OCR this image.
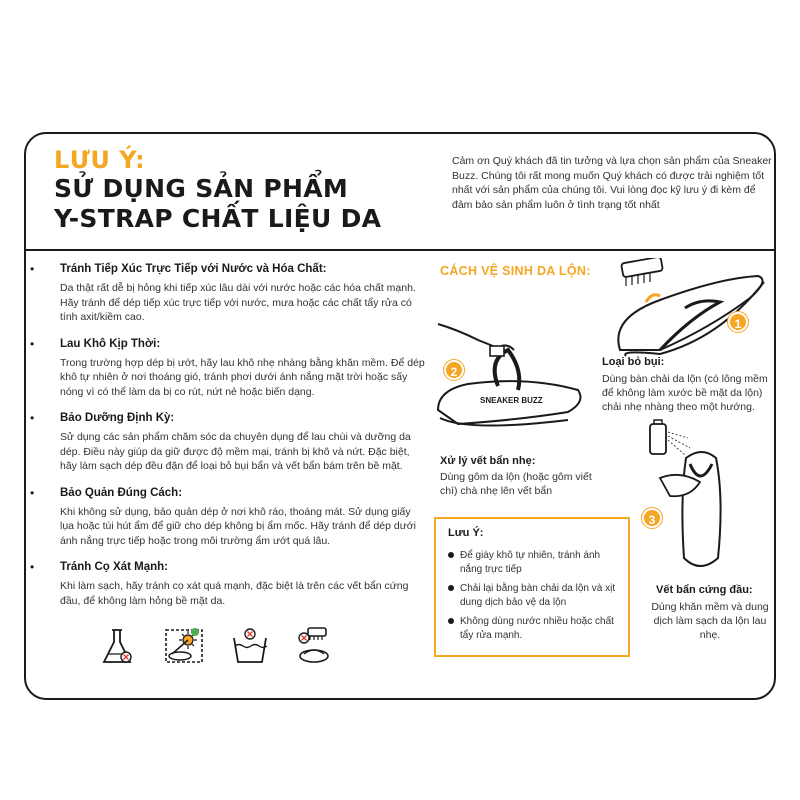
LƯU Ý:
SỬ DỤNG SẢN PHẨM
Y-STRAP CHẤT LIỆU DA
Cảm ơn Quý khách đã tin tưởng và lựa chọn sản phẩm của Sneaker Buzz. Chúng tôi rất mong muốn Quý khách có được trải nghiệm tốt nhất với sản phẩm của chúng tôi. Vui lòng đọc kỹ lưu ý đi kèm để đảm bảo sản phẩm luôn ở tình trạng tốt nhất
• Tránh Tiếp Xúc Trực Tiếp với Nước và Hóa Chất:
Da thật rất dễ bị hỏng khi tiếp xúc lâu dài với nước hoặc các hóa chất mạnh. Hãy tránh để dép tiếp xúc trực tiếp với nước, mưa hoặc các chất tẩy rửa có tính axit/kiềm cao.
• Lau Khô Kịp Thời:
Trong trường hợp dép bị ướt, hãy lau khô nhẹ nhàng bằng khăn mềm. Để dép khô tự nhiên ở nơi thoáng gió, tránh phơi dưới ánh nắng mặt trời hoặc sấy nóng vì có thể làm da bị co rút, nứt nẻ hoặc biến dạng.
• Bảo Dưỡng Định Kỳ:
Sử dụng các sản phẩm chăm sóc da chuyên dụng để lau chùi và dưỡng da dép. Điều này giúp da giữ được độ mềm mại, tránh bị khô và nứt. Đặc biệt, hãy làm sạch dép đều đặn để loại bỏ bụi bẩn và vết bẩn bám trên bề mặt.
• Bảo Quản Đúng Cách:
Khi không sử dụng, bảo quản dép ở nơi khô ráo, thoáng mát. Sử dụng giấy lụa hoặc túi hút ẩm để giữ cho dép không bị ẩm mốc. Hãy tránh để dép dưới ánh nắng trực tiếp hoặc trong môi trường ẩm ướt quá lâu.
• Tránh Cọ Xát Mạnh:
Khi làm sạch, hãy tránh cọ xát quá mạnh, đặc biệt là trên các vết bẩn cứng đầu, để không làm hỏng bề mặt da.
CÁCH VỆ SINH DA LỘN:
1
2
SNEAKER BUZZ
Loại bỏ bụi:
Dùng bàn chải da lộn (có lông mềm để không làm xước bề mặt da lộn) chải nhẹ nhàng theo một hướng.
Xử lý vết bẩn nhẹ:
Dùng gôm da lộn (hoặc gôm viết chì) chà nhẹ lên vết bẩn
3
Vết bẩn cứng đầu:
Dùng khăn mềm và dung dịch làm sạch da lộn lau nhẹ.
Lưu Ý:
Để giày khô tự nhiên, tránh ánh nắng trực tiếp
Chải lại bằng bàn chải da lộn và xịt dung dịch bảo vệ da lộn
Không dùng nước nhiều hoặc chất tẩy rửa mạnh.
